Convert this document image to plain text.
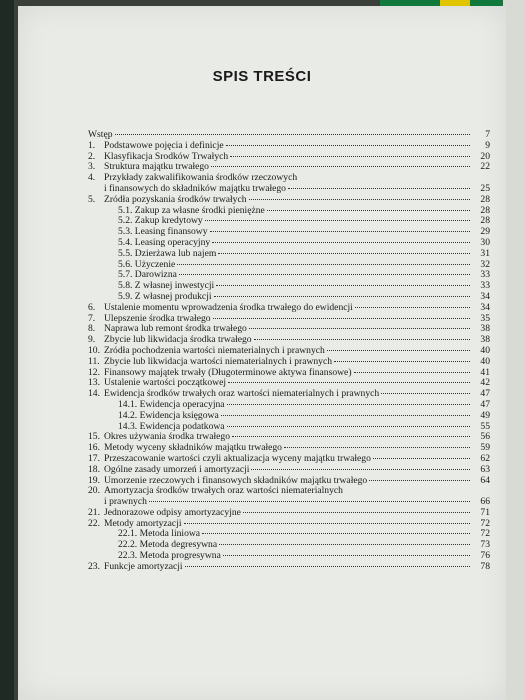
SPIS TREŚCI
Wstęp	7
1. Podstawowe pojęcia i definicje	9
2. Klasyfikacja Środków Trwałych	20
3. Struktura majątku trwałego	22
4. Przykłady zakwalifikowania środków rzeczowych
i finansowych do składników majątku trwałego	25
5. Źródła pozyskania środków trwałych	28
5.1. Zakup za własne środki pieniężne	28
5.2. Zakup kredytowy	28
5.3. Leasing finansowy	29
5.4. Leasing operacyjny	30
5.5. Dzierżawa lub najem	31
5.6. Użyczenie	32
5.7. Darowizna	33
5.8. Z własnej inwestycji	33
5.9. Z własnej produkcji	34
6. Ustalenie momentu wprowadzenia środka trwałego do ewidencji	34
7. Ulepszenie środka trwałego	35
8. Naprawa lub remont środka trwałego	38
9. Zbycie lub likwidacja środka trwałego	38
10. Źródła pochodzenia wartości niematerialnych i prawnych	40
11. Zbycie lub likwidacja wartości niematerialnych i prawnych	40
12. Finansowy majątek trwały (Długoterminowe aktywa finansowe)	41
13. Ustalenie wartości początkowej	42
14. Ewidencja środków trwałych oraz wartości niematerialnych i prawnych	47
14.1. Ewidencja operacyjna	47
14.2. Ewidencja księgowa	49
14.3. Ewidencja podatkowa	55
15. Okres używania środka trwałego	56
16. Metody wyceny składników majątku trwałego	59
17. Przeszacowanie wartości czyli aktualizacja wyceny majątku trwałego	62
18. Ogólne zasady umorzeń i amortyzacji	63
19. Umorzenie rzeczowych i finansowych składników majątku trwałego	64
20. Amortyzacja środków trwałych oraz wartości niematerialnych
i prawnych	66
21. Jednorazowe odpisy amortyzacyjne	71
22. Metody amortyzacji	72
22.1. Metoda liniowa	72
22.2. Metoda degresywna	73
22.3. Metoda progresywna	76
23. Funkcje amortyzacji	78
